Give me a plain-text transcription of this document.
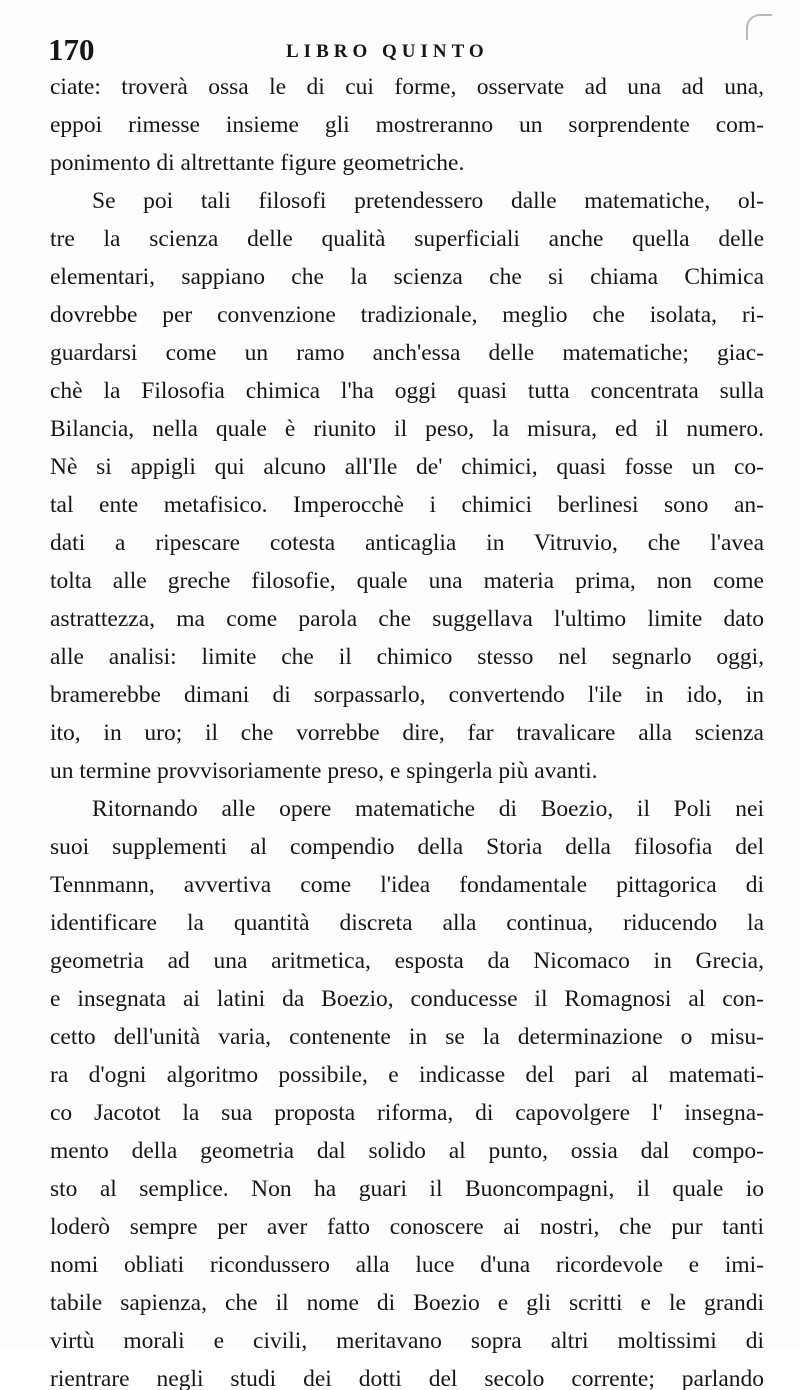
170	LIBRO QUINTO
ciate: troverà ossa le di cui forme, osservate ad una ad una,
eppoi rimesse insieme gli mostreranno un sorprendente com-
ponimento di altrettante figure geometriche.
Se poi tali filosofi pretendessero dalle matematiche, ol-
tre la scienza delle qualità superficiali anche quella delle
elementari, sappiano che la scienza che si chiama Chimica
dovrebbe per convenzione tradizionale, meglio che isolata, ri-
guardarsi come un ramo anch'essa delle matematiche; giac-
chè la Filosofia chimica l'ha oggi quasi tutta concentrata sulla
Bilancia, nella quale è riunito il peso, la misura, ed il numero.
Nè si appigli qui alcuno all'Ile de' chimici, quasi fosse un co-
tal ente metafisico. Imperocchè i chimici berlinesi sono an-
dati a ripescare cotesta anticaglia in Vitruvio, che l'avea
tolta alle greche filosofie, quale una materia prima, non come
astrattezza, ma come parola che suggellava l'ultimo limite dato
alle analisi: limite che il chimico stesso nel segnarlo oggi,
bramerebbe dimani di sorpassarlo, convertendo l'ile in ido, in
ito, in uro; il che vorrebbe dire, far travalicare alla scienza
un termine provvisoriamente preso, e spingerla più avanti.
Ritornando alle opere matematiche di Boezio, il Poli nei
suoi supplementi al compendio della Storia della filosofia del
Tennmann, avvertiva come l'idea fondamentale pittagorica di
identificare la quantità discreta alla continua, riducendo la
geometria ad una aritmetica, esposta da Nicomaco in Grecia,
e insegnata ai latini da Boezio, conducesse il Romagnosi al con-
cetto dell'unità varia, contenente in se la determinazione o misu-
ra d'ogni algoritmo possibile, e indicasse del pari al matemati-
co Jacotot la sua proposta riforma, di capovolgere l' insegna-
mento della geometria dal solido al punto, ossia dal compo-
sto al semplice. Non ha guari il Buoncompagni, il quale io
loderò sempre per aver fatto conoscere ai nostri, che pur tanti
nomi obliati ricondussero alla luce d'una ricordevole e imi-
tabile sapienza, che il nome di Boezio e gli scritti e le grandi
virtù morali e civili, meritavano sopra altri moltissimi di
rientrare negli studi dei dotti del secolo corrente; parlando
